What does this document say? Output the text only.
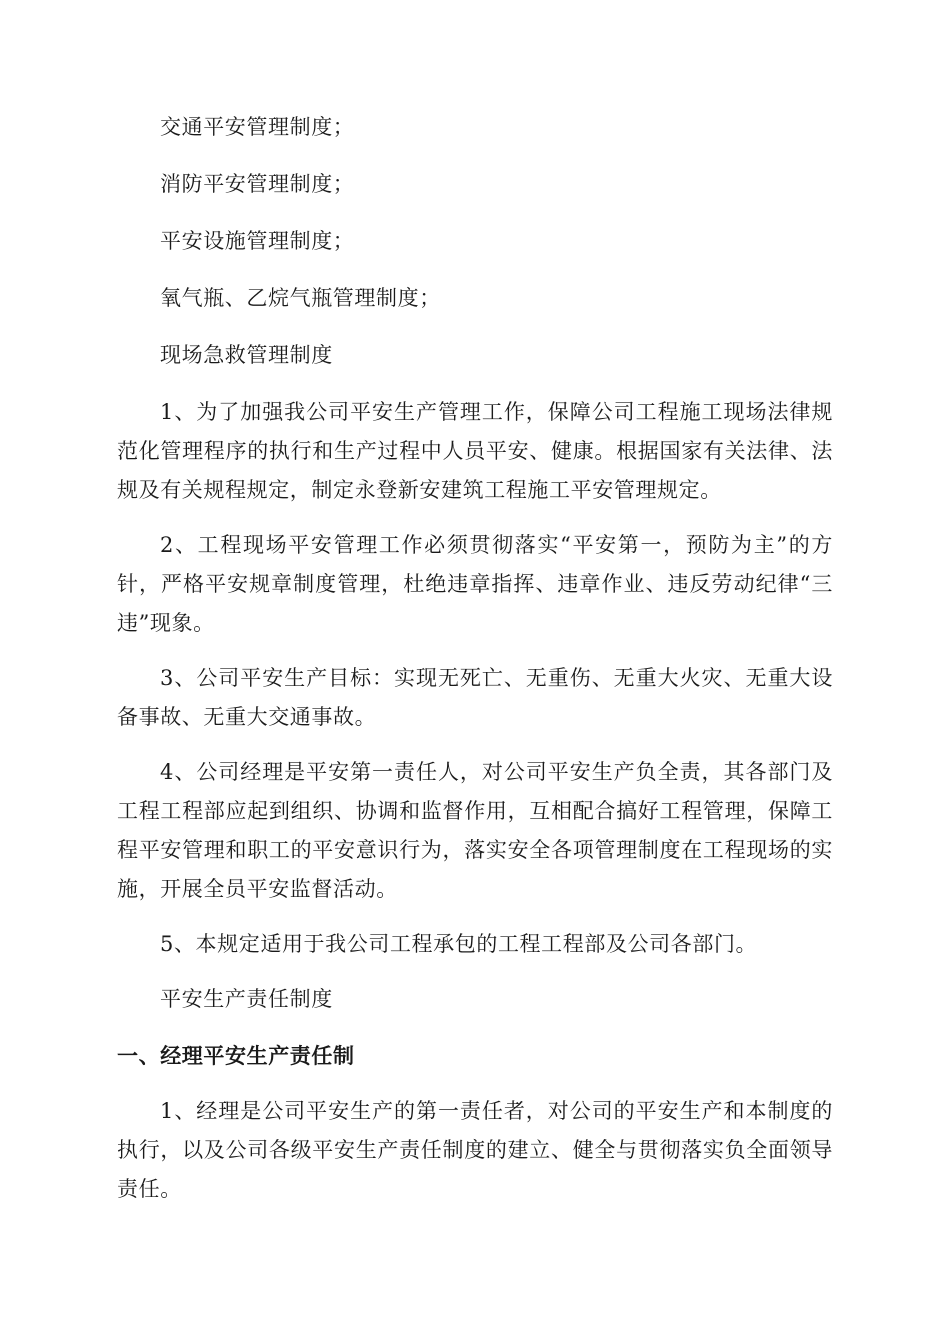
交通平安管理制度；

消防平安管理制度；

平安设施管理制度；

氧气瓶、乙烷气瓶管理制度；

现场急救管理制度

1、为了加强我公司平安生产管理工作，保障公司工程施工现场法律规范化管理程序的执行和生产过程中人员平安、健康。根据国家有关法律、法规及有关规程规定，制定永登新安建筑工程施工平安管理规定。

2、工程现场平安管理工作必须贯彻落实“平安第一，预防为主”的方针，严格平安规章制度管理，杜绝违章指挥、违章作业、违反劳动纪律“三违”现象。

3、公司平安生产目标：实现无死亡、无重伤、无重大火灾、无重大设备事故、无重大交通事故。

4、公司经理是平安第一责任人，对公司平安生产负全责，其各部门及工程工程部应起到组织、协调和监督作用，互相配合搞好工程管理，保障工程平安管理和职工的平安意识行为，落实安全各项管理制度在工程现场的实施，开展全员平安监督活动。

5、本规定适用于我公司工程承包的工程工程部及公司各部门。

平安生产责任制度

一、经理平安生产责任制

1、经理是公司平安生产的第一责任者，对公司的平安生产和本制度的执行，以及公司各级平安生产责任制度的建立、健全与贯彻落实负全面领导责任。
